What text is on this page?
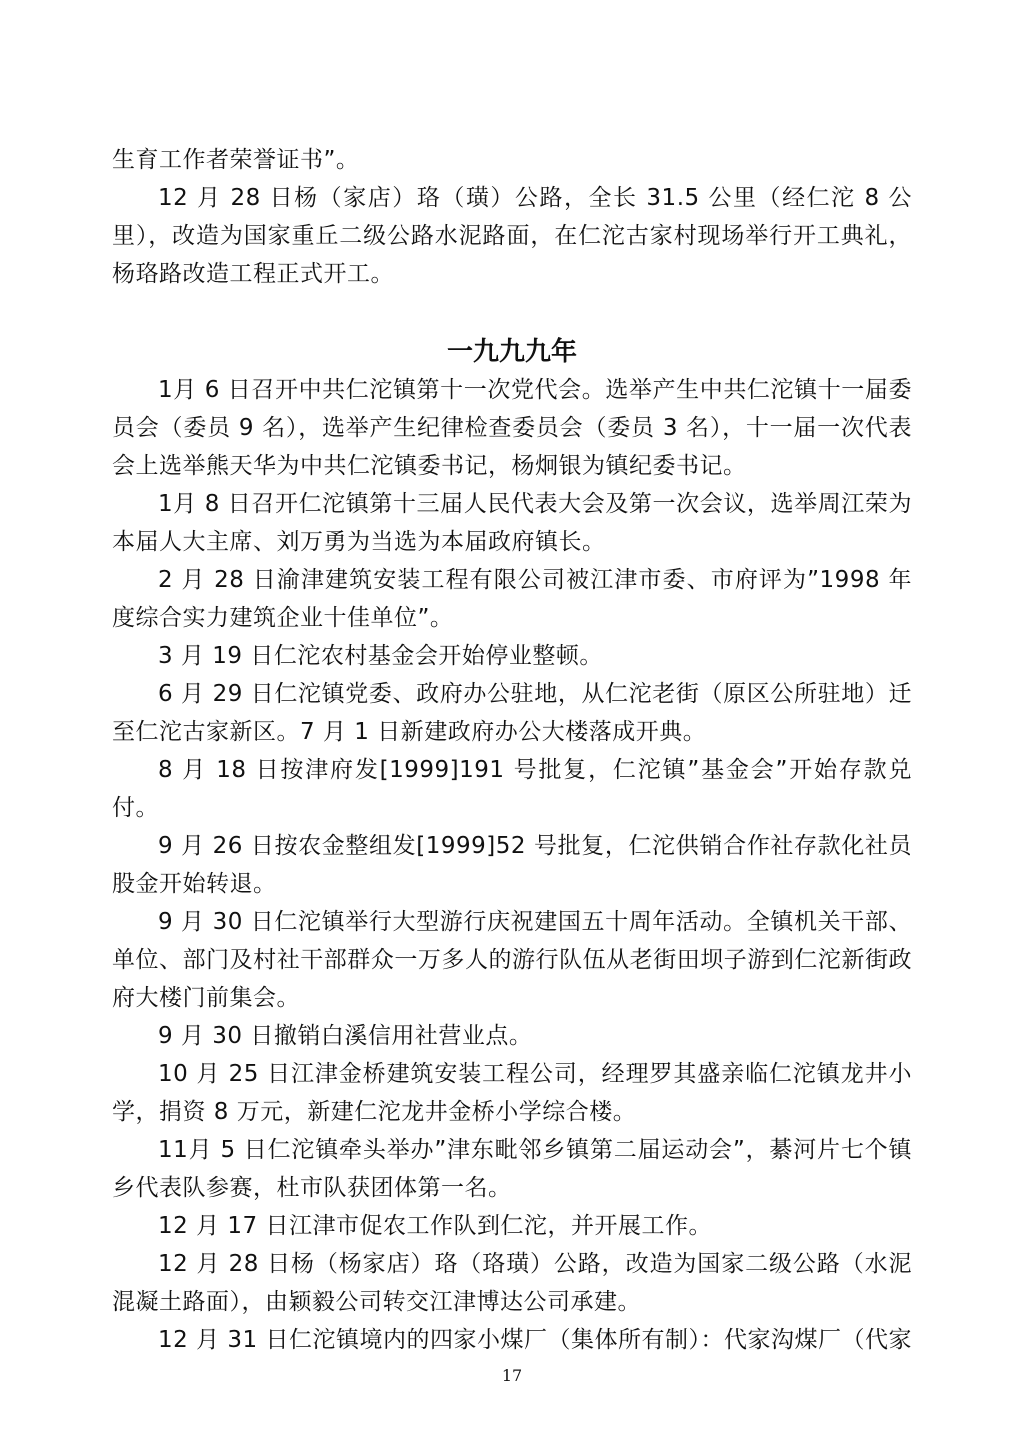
生育工作者荣誉证书”。

12 月 28 日杨（家店）珞（璜）公路，全长 31.5 公里（经仁沱 8 公里），改造为国家重丘二级公路水泥路面，在仁沱古家村现场举行开工典礼，杨珞路改造工程正式开工。

一九九九年

1月 6 日召开中共仁沱镇第十一次党代会。选举产生中共仁沱镇十一届委员会（委员 9 名），选举产生纪律检查委员会（委员 3 名），十一届一次代表会上选举熊天华为中共仁沱镇委书记，杨炯银为镇纪委书记。

1月 8 日召开仁沱镇第十三届人民代表大会及第一次会议，选举周江荣为本届人大主席、刘万勇为当选为本届政府镇长。

2 月 28 日渝津建筑安装工程有限公司被江津市委、市府评为”1998 年度综合实力建筑企业十佳单位”。

3 月 19 日仁沱农村基金会开始停业整顿。

6 月 29 日仁沱镇党委、政府办公驻地，从仁沱老街（原区公所驻地）迁至仁沱古家新区。7 月 1 日新建政府办公大楼落成开典。

8 月 18 日按津府发[1999]191 号批复，仁沱镇”基金会”开始存款兑付。

9 月 26 日按农金整组发[1999]52 号批复，仁沱供销合作社存款化社员股金开始转退。

9 月 30 日仁沱镇举行大型游行庆祝建国五十周年活动。全镇机关干部、单位、部门及村社干部群众一万多人的游行队伍从老街田坝子游到仁沱新街政府大楼门前集会。

9 月 30 日撤销白溪信用社营业点。

10 月 25 日江津金桥建筑安装工程公司，经理罗其盛亲临仁沱镇龙井小学，捐资 8 万元，新建仁沱龙井金桥小学综合楼。

11月 5 日仁沱镇牵头举办”津东毗邻乡镇第二届运动会”，綦河片七个镇乡代表队参赛，杜市队获团体第一名。

12 月 17 日江津市促农工作队到仁沱，并开展工作。

12 月 28 日杨（杨家店）珞（珞璜）公路，改造为国家二级公路（水泥混凝土路面），由颖毅公司转交江津博达公司承建。

12 月 31 日仁沱镇境内的四家小煤厂（集体所有制）：代家沟煤厂（代家

17
